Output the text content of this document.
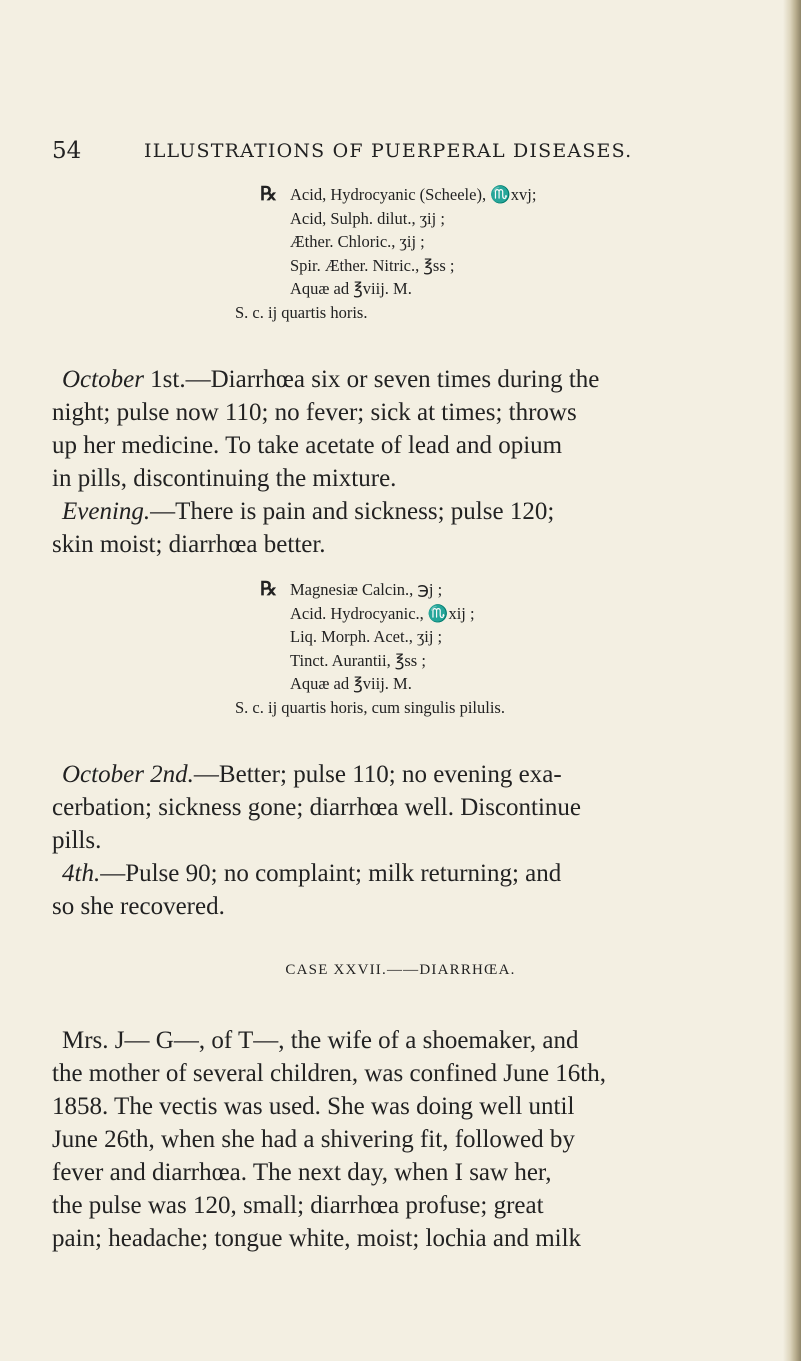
54	ILLUSTRATIONS OF PUERPERAL DISEASES.
℞ Acid, Hydrocyanic (Scheele), ♏xvj;
Acid, Sulph. dilut., ʒij ;
Æther. Chloric., ʒij ;
Spir. Æther. Nitric., ℥ss ;
Aquæ ad ℥viij. M.
S. c. ij quartis horis.
October 1st.—Diarrhœa six or seven times during the
night; pulse now 110; no fever; sick at times; throws
up her medicine. To take acetate of lead and opium
in pills, discontinuing the mixture.
Evening.—There is pain and sickness; pulse 120;
skin moist; diarrhœa better.
℞ Magnesiæ Calcin., ℈j ;
Acid. Hydrocyanic., ♏xij ;
Liq. Morph. Acet., ʒij ;
Tinct. Aurantii, ℥ss ;
Aquæ ad ℥viij. M.
S. c. ij quartis horis, cum singulis pilulis.
October 2nd.—Better; pulse 110; no evening exa-
cerbation; sickness gone; diarrhœa well. Discontinue
pills.
4th.—Pulse 90; no complaint; milk returning; and
so she recovered.
CASE XXVII.——DIARRHŒA.
Mrs. J— G—, of T—, the wife of a shoemaker, and
the mother of several children, was confined June 16th,
1858. The vectis was used. She was doing well until
June 26th, when she had a shivering fit, followed by
fever and diarrhœa. The next day, when I saw her,
the pulse was 120, small; diarrhœa profuse; great
pain; headache; tongue white, moist; lochia and milk
